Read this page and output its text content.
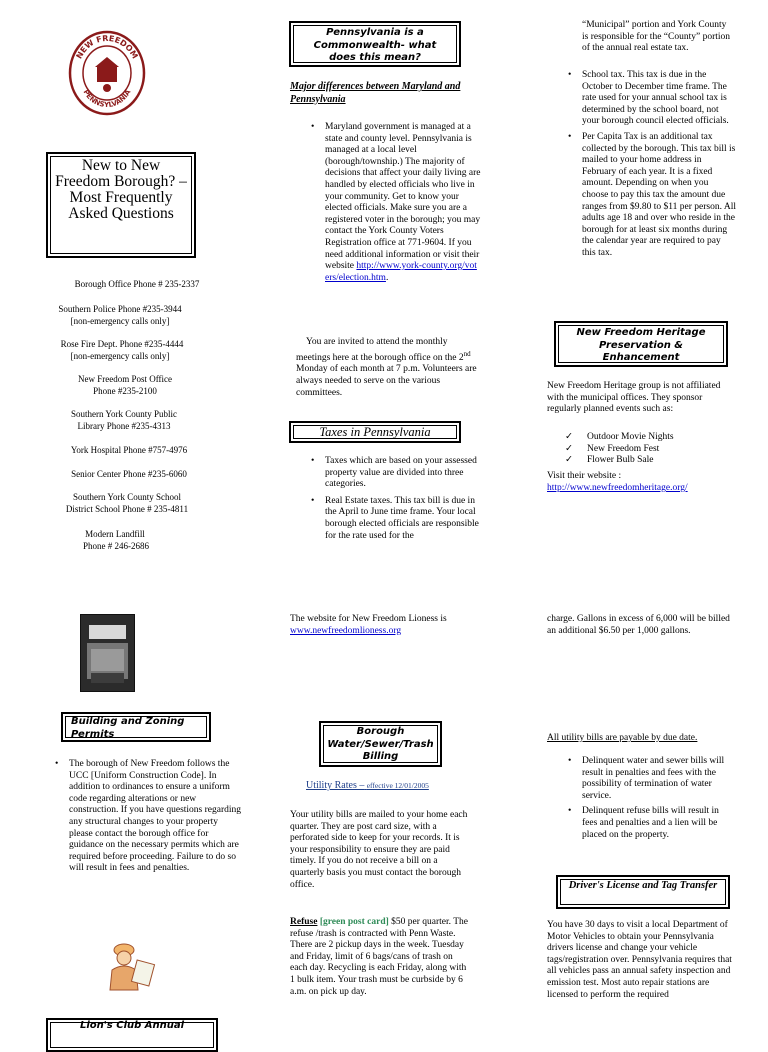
NEW FREEDOM
PENNSYLVANIA
New to New Freedom Borough? – Most Frequently Asked Questions
Borough Office Phone # 235-2337
Southern Police Phone #235-3944
[non-emergency calls only]
Rose Fire Dept. Phone #235-4444
[non-emergency calls only]
New Freedom Post Office
Phone #235-2100
Southern York County Public
Library Phone #235-4313
York Hospital Phone #757-4976
Senior Center Phone #235-6060
Southern York County School
District School Phone # 235-4811
Modern Landfill
Phone # 246-2686
Building and Zoning Permits
• The borough of New Freedom follows the UCC [Uniform Construction Code]. In addition to ordinances to ensure a uniform code regarding alterations or new construction. If you have questions regarding any structural changes to your property please contact the borough office for guidance on the necessary permits which are required before proceeding. Failure to do so will result in fees and penalties.
Lion's Club Annual
Pennsylvania is a Commonwealth- what does this mean?
Major differences between Maryland and Pennsylvania
• Maryland government is managed at a state and county level. Pennsylvania is managed at a local level (borough/township.) The majority of decisions that affect your daily living are handled by elected officials who live in your community. Get to know your elected officials. Make sure you are a registered voter in the borough; you may contact the York County Voters Registration office at 771-9604. If you need additional information or visit their website http://www.york-county.org/voters/election.htm.
You are invited to attend the monthly meetings here at the borough office on the 2nd Monday of each month at 7 p.m. Volunteers are always needed to serve on the various committees.
Taxes in Pennsylvania
• Taxes which are based on your assessed property value are divided into three categories.
• Real Estate taxes. This tax bill is due in the April to June time frame. Your local borough elected officials are responsible for the rate used for the
The website for New Freedom Lioness is www.newfreedomlioness.org
Borough Water/Sewer/Trash Billing
Utility Rates – effective 12/01/2005
Your utility bills are mailed to your home each quarter. They are post card size, with a perforated side to keep for your records. It is your responsibility to ensure they are paid timely. If you do not receive a bill on a quarterly basis you must contact the borough office.
Refuse [green post card] $50 per quarter. The refuse /trash is contracted with Penn Waste. There are 2 pickup days in the week. Tuesday and Friday, limit of 6 bags/cans of trash on each day. Recycling is each Friday, along with 1 bulk item. Your trash must be curbside by 6 a.m. on pick up day.
“Municipal” portion and York County is responsible for the “County” portion of the annual real estate tax.
• School tax. This tax is due in the October to December time frame. The rate used for your annual school tax is determined by the school board, not your borough council elected officials.
• Per Capita Tax is an additional tax collected by the borough. This tax bill is mailed to your home address in February of each year. It is a fixed amount. Depending on when you choose to pay this tax the amount due ranges from $9.80 to $11 per person. All adults age 18 and over who reside in the borough for at least six months during the calendar year are required to pay this tax.
New Freedom Heritage Preservation & Enhancement
New Freedom Heritage group is not affiliated with the municipal offices. They sponsor regularly planned events such as:
✓ Outdoor Movie Nights
✓ New Freedom Fest
✓ Flower Bulb Sale
Visit their website :
http://www.newfreedomheritage.org/
charge. Gallons in excess of 6,000 will be billed an additional $6.50 per 1,000 gallons.
All utility bills are payable by due date.
• Delinquent water and sewer bills will result in penalties and fees with the possibility of termination of water service.
• Delinquent refuse bills will result in fees and penalties and a lien will be placed on the property.
Driver's License and Tag Transfer
You have 30 days to visit a local Department of Motor Vehicles to obtain your Pennsylvania drivers license and change your vehicle tags/registration over. Pennsylvania requires that all vehicles pass an annual safety inspection and emission test. Most auto repair stations are licensed to perform the required
